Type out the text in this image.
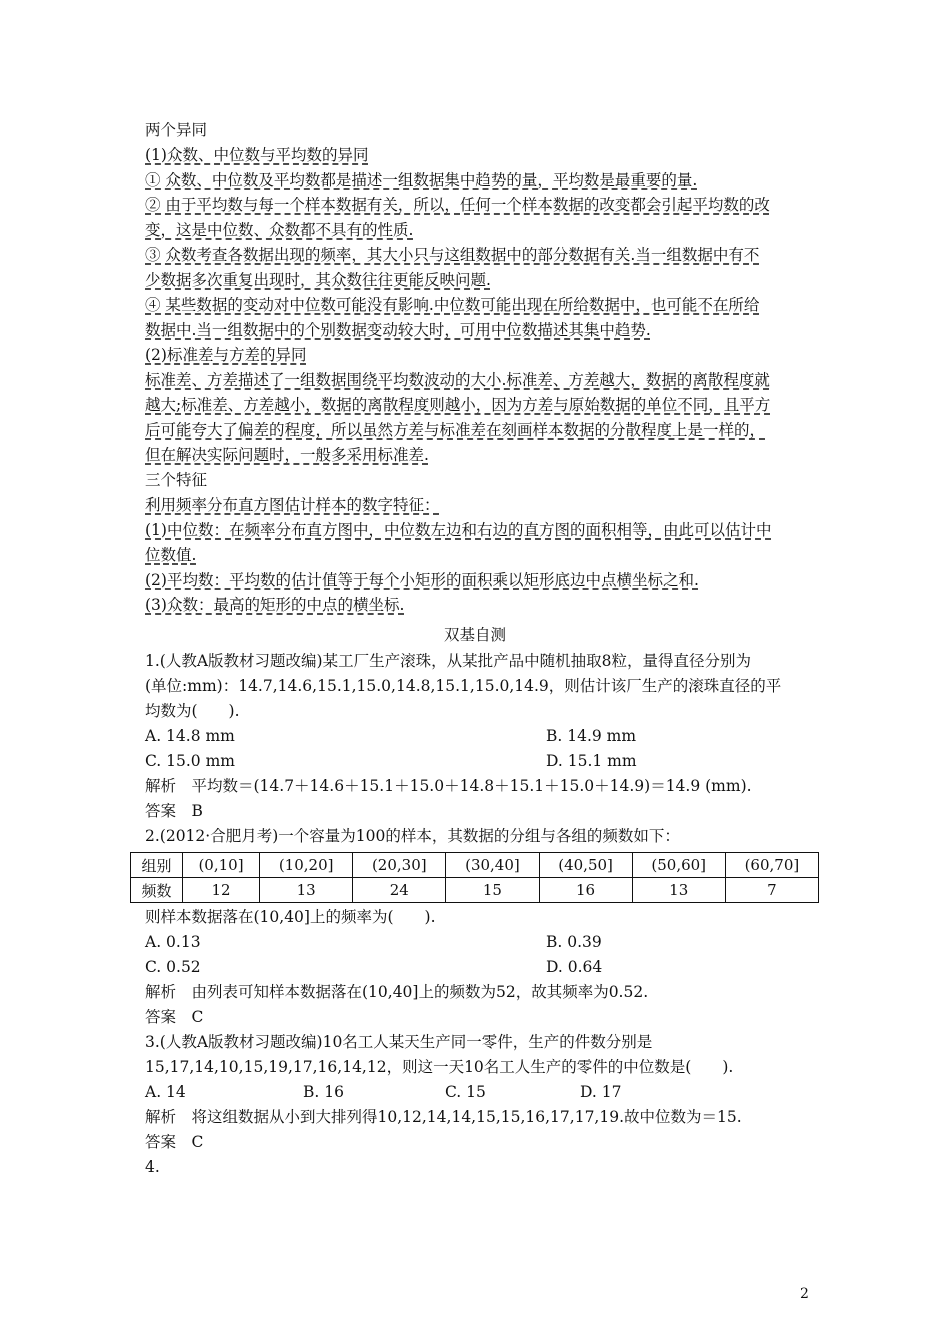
两个异同
(1)众数、中位数与平均数的异同
① 众数、中位数及平均数都是描述一组数据集中趋势的量，平均数是最重要的量.
② 由于平均数与每一个样本数据有关，所以，任何一个样本数据的改变都会引起平均数的改
变，这是中位数、众数都不具有的性质.
③ 众数考查各数据出现的频率，其大小只与这组数据中的部分数据有关.当一组数据中有不
少数据多次重复出现时，其众数往往更能反映问题.
④ 某些数据的变动对中位数可能没有影响.中位数可能出现在所给数据中，也可能不在所给
数据中.当一组数据中的个别数据变动较大时，可用中位数描述其集中趋势.
(2)标准差与方差的异同
标准差、方差描述了一组数据围绕平均数波动的大小.标准差、方差越大，数据的离散程度就
越大;标准差、方差越小，数据的离散程度则越小，因为方差与原始数据的单位不同，且平方
后可能夸大了偏差的程度，所以虽然方差与标准差在刻画样本数据的分散程度上是一样的，
但在解决实际问题时，一般多采用标准差.
三个特征
利用频率分布直方图估计样本的数字特征：
(1)中位数：在频率分布直方图中，中位数左边和右边的直方图的面积相等，由此可以估计中
位数值.
(2)平均数：平均数的估计值等于每个小矩形的面积乘以矩形底边中点横坐标之和.
(3)众数：最高的矩形的中点的横坐标.
双基自测
1.(人教A版教材习题改编)某工厂生产滚珠，从某批产品中随机抽取8粒，量得直径分别为
(单位:mm)：14.7,14.6,15.1,15.0,14.8,15.1,15.0,14.9，则估计该厂生产的滚珠直径的平
均数为(　　).
A. 14.8 mm	B. 14.9 mm
C. 15.0 mm	D. 15.1 mm
解析　平均数＝(14.7＋14.6＋15.1＋15.0＋14.8＋15.1＋15.0＋14.9)＝14.9 (mm).
答案　B
2.(2012·合肥月考)一个容量为100的样本，其数据的分组与各组的频数如下：
组别	(0,10]	(10,20]	(20,30]	(30,40]	(40,50]	(50,60]	(60,70]
频数	12	13	24	15	16	13	7
则样本数据落在(10,40]上的频率为(　　).
A. 0.13	B. 0.39
C. 0.52	D. 0.64
解析　由列表可知样本数据落在(10,40]上的频数为52，故其频率为0.52.
答案　C
3.(人教A版教材习题改编)10名工人某天生产同一零件，生产的件数分别是
15,17,14,10,15,19,17,16,14,12，则这一天10名工人生产的零件的中位数是(　　).
A. 14	B. 16	C. 15	D. 17
解析　将这组数据从小到大排列得10,12,14,14,15,15,16,17,17,19.故中位数为＝15.
答案　C
4.
2
